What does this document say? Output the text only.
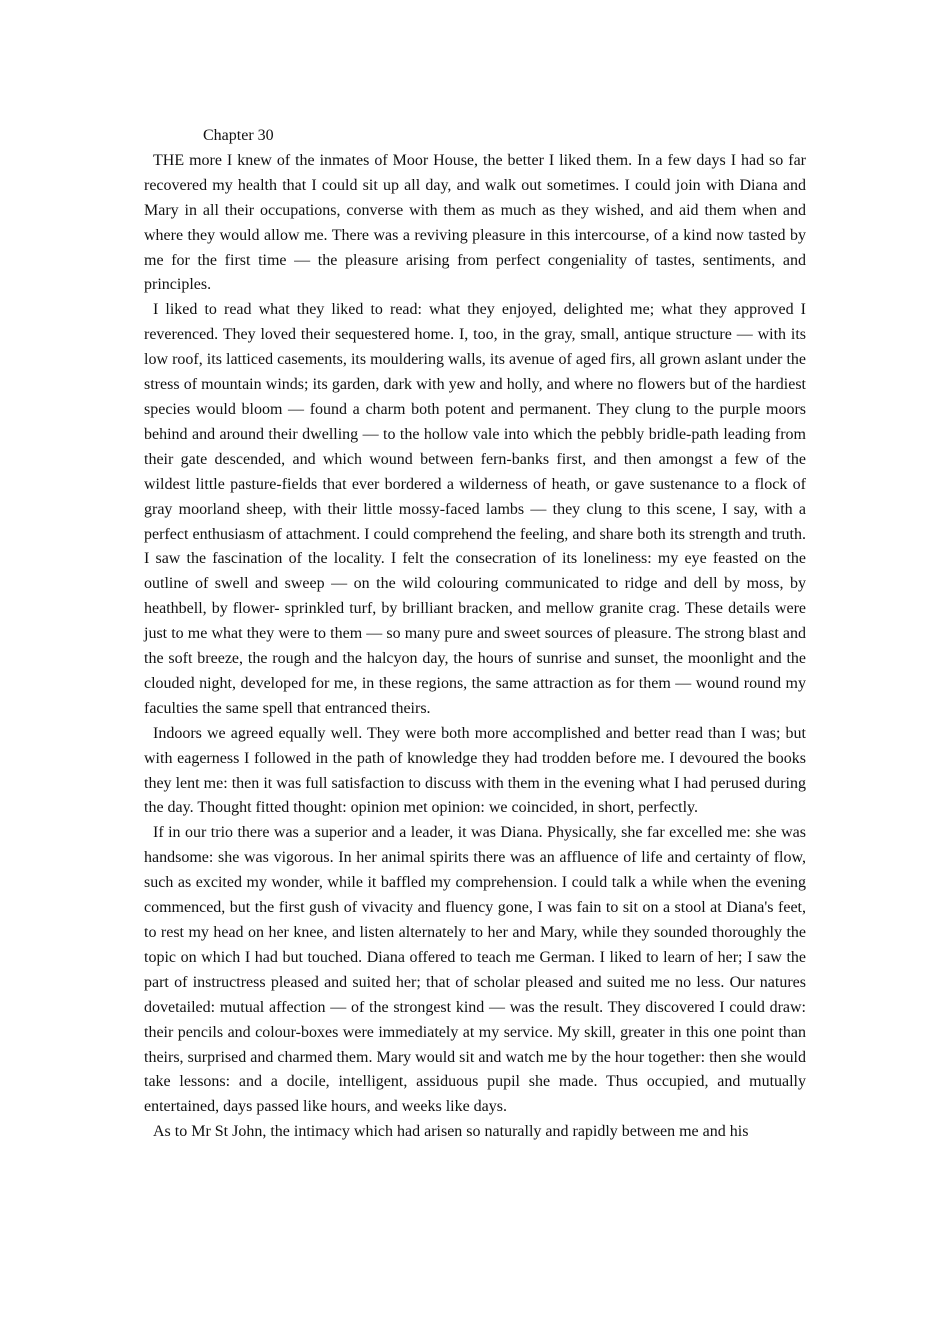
Chapter 30

THE more I knew of the inmates of Moor House, the better I liked them. In a few days I had so far recovered my health that I could sit up all day, and walk out sometimes. I could join with Diana and Mary in all their occupations, converse with them as much as they wished, and aid them when and where they would allow me. There was a reviving pleasure in this intercourse, of a kind now tasted by me for the first time — the pleasure arising from perfect congeniality of tastes, sentiments, and principles.

I liked to read what they liked to read: what they enjoyed, delighted me; what they approved I reverenced. They loved their sequestered home. I, too, in the gray, small, antique structure — with its low roof, its latticed casements, its mouldering walls, its avenue of aged firs, all grown aslant under the stress of mountain winds; its garden, dark with yew and holly, and where no flowers but of the hardiest species would bloom — found a charm both potent and permanent. They clung to the purple moors behind and around their dwelling — to the hollow vale into which the pebbly bridle-path leading from their gate descended, and which wound between fern-banks first, and then amongst a few of the wildest little pasture-fields that ever bordered a wilderness of heath, or gave sustenance to a flock of gray moorland sheep, with their little mossy-faced lambs — they clung to this scene, I say, with a perfect enthusiasm of attachment. I could comprehend the feeling, and share both its strength and truth. I saw the fascination of the locality. I felt the consecration of its loneliness: my eye feasted on the outline of swell and sweep — on the wild colouring communicated to ridge and dell by moss, by heathbell, by flower- sprinkled turf, by brilliant bracken, and mellow granite crag. These details were just to me what they were to them — so many pure and sweet sources of pleasure. The strong blast and the soft breeze, the rough and the halcyon day, the hours of sunrise and sunset, the moonlight and the clouded night, developed for me, in these regions, the same attraction as for them — wound round my faculties the same spell that entranced theirs.

Indoors we agreed equally well. They were both more accomplished and better read than I was; but with eagerness I followed in the path of knowledge they had trodden before me. I devoured the books they lent me: then it was full satisfaction to discuss with them in the evening what I had perused during the day. Thought fitted thought: opinion met opinion: we coincided, in short, perfectly.

If in our trio there was a superior and a leader, it was Diana. Physically, she far excelled me: she was handsome: she was vigorous. In her animal spirits there was an affluence of life and certainty of flow, such as excited my wonder, while it baffled my comprehension. I could talk a while when the evening commenced, but the first gush of vivacity and fluency gone, I was fain to sit on a stool at Diana's feet, to rest my head on her knee, and listen alternately to her and Mary, while they sounded thoroughly the topic on which I had but touched. Diana offered to teach me German. I liked to learn of her; I saw the part of instructress pleased and suited her; that of scholar pleased and suited me no less. Our natures dovetailed: mutual affection — of the strongest kind — was the result. They discovered I could draw: their pencils and colour-boxes were immediately at my service. My skill, greater in this one point than theirs, surprised and charmed them. Mary would sit and watch me by the hour together: then she would take lessons: and a docile, intelligent, assiduous pupil she made. Thus occupied, and mutually entertained, days passed like hours, and weeks like days.

As to Mr St John, the intimacy which had arisen so naturally and rapidly between me and his
